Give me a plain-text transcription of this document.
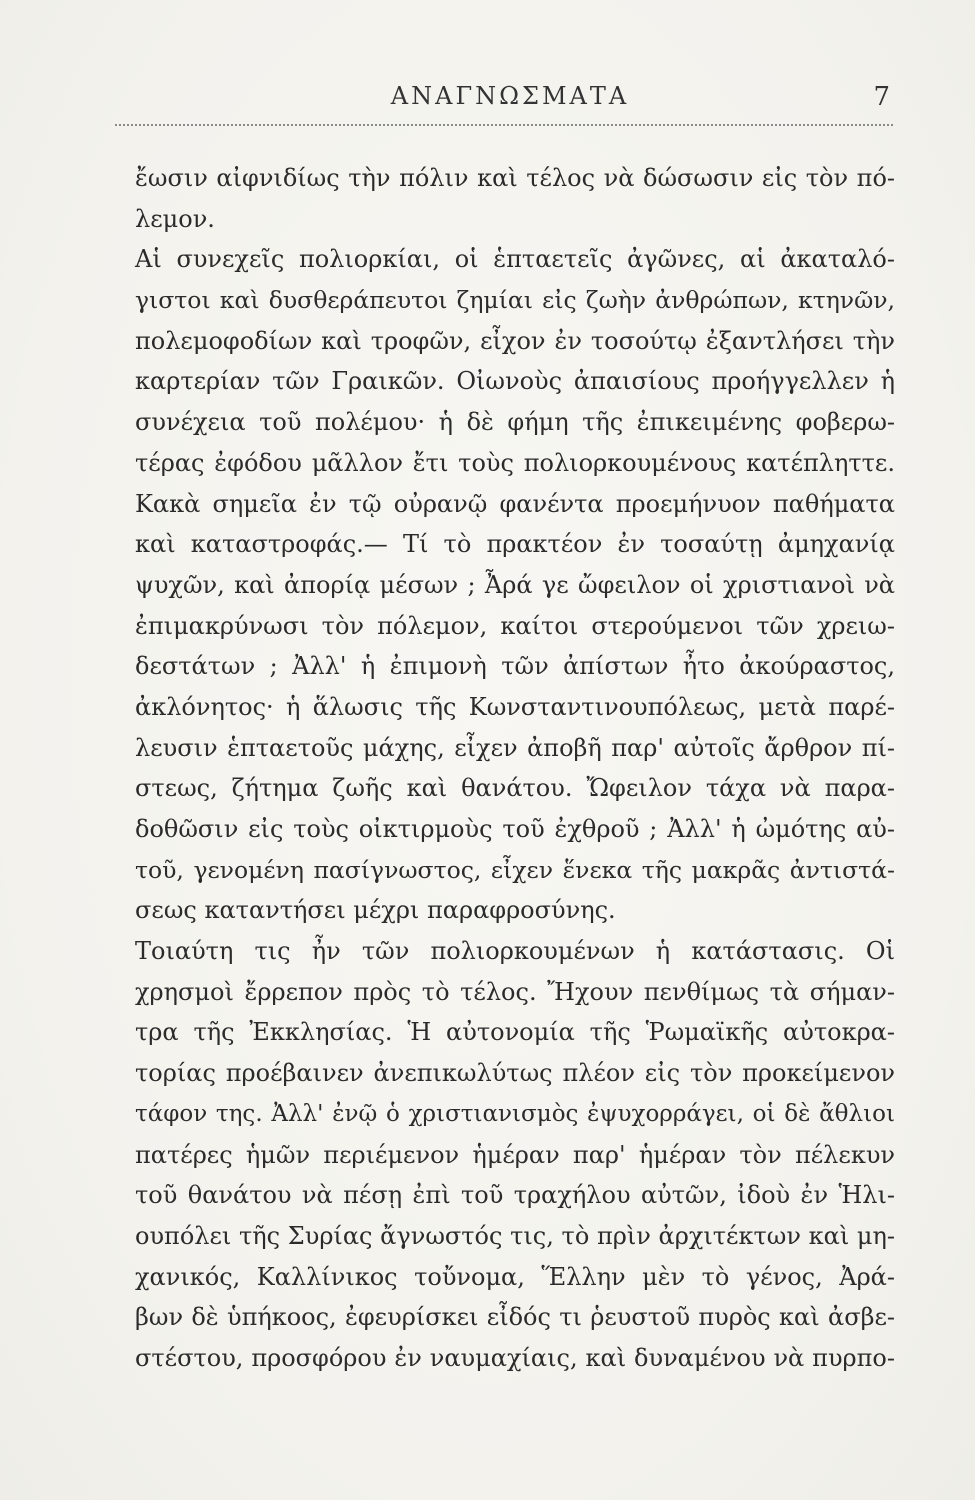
ΑΝΑΓΝΩΣΜΑΤΑ	7
ἔωσιν αἰφνιδίως τὴν πόλιν καὶ τέλος νὰ δώσωσιν εἰς τὸν πό-
λεμον.
Αἱ συνεχεῖς πολιορκίαι, οἱ ἑπταετεῖς ἀγῶνες, αἱ ἀκαταλό-
γιστοι καὶ δυσθεράπευτοι ζημίαι εἰς ζωὴν ἀνθρώπων, κτηνῶν,
πολεμοφοδίων καὶ τροφῶν, εἶχον ἐν τοσούτῳ ἐξαντλήσει τὴν
καρτερίαν τῶν Γραικῶν. Οἰωνοὺς ἀπαισίους προήγγελλεν ἡ
συνέχεια τοῦ πολέμου· ἡ δὲ φήμη τῆς ἐπικειμένης φοβερω-
τέρας ἐφόδου μᾶλλον ἔτι τοὺς πολιορκουμένους κατέπληττε.
Κακὰ σημεῖα ἐν τῷ οὐρανῷ φανέντα προεμήνυον παθήματα
καὶ καταστροφάς.— Τί τὸ πρακτέον ἐν τοσαύτῃ ἀμηχανίᾳ
ψυχῶν, καὶ ἀπορίᾳ μέσων ; Ἆρά γε ὤφειλον οἱ χριστιανοὶ νὰ
ἐπιμακρύνωσι τὸν πόλεμον, καίτοι στερούμενοι τῶν χρειω-
δεστάτων ; Ἀλλ' ἡ ἐπιμονὴ τῶν ἀπίστων ἦτο ἀκούραστος,
ἀκλόνητος· ἡ ἅλωσις τῆς Κωνσταντινουπόλεως, μετὰ παρέ-
λευσιν ἑπταετοῦς μάχης, εἶχεν ἀποβῆ παρ' αὐτοῖς ἄρθρον πί-
στεως, ζήτημα ζωῆς καὶ θανάτου. Ὤφειλον τάχα νὰ παρα-
δοθῶσιν εἰς τοὺς οἰκτιρμοὺς τοῦ ἐχθροῦ ; Ἀλλ' ἡ ὠμότης αὐ-
τοῦ, γενομένη πασίγνωστος, εἶχεν ἕνεκα τῆς μακρᾶς ἀντιστά-
σεως καταντήσει μέχρι παραφροσύνης.
Τοιαύτη τις ἦν τῶν πολιορκουμένων ἡ κατάστασις. Οἱ
χρησμοὶ ἔρρεπον πρὸς τὸ τέλος. Ἤχουν πενθίμως τὰ σήμαν-
τρα τῆς Ἐκκλησίας. Ἡ αὐτονομία τῆς Ῥωμαϊκῆς αὐτοκρα-
τορίας προέβαινεν ἀνεπικωλύτως πλέον εἰς τὸν προκείμενον
τάφον της. Ἀλλ' ἐνῷ ὁ χριστιανισμὸς ἐψυχορράγει, οἱ δὲ ἄθλιοι
πατέρες ἡμῶν περιέμενον ἡμέραν παρ' ἡμέραν τὸν πέλεκυν
τοῦ θανάτου νὰ πέσῃ ἐπὶ τοῦ τραχήλου αὐτῶν, ἰδοὺ ἐν Ἡλι-
ουπόλει τῆς Συρίας ἄγνωστός τις, τὸ πρὶν ἀρχιτέκτων καὶ μη-
χανικός, Καλλίνικος τοὔνομα, Ἕλλην μὲν τὸ γένος, Ἀρά-
βων δὲ ὑπήκοος, ἐφευρίσκει εἶδός τι ῥευστοῦ πυρὸς καὶ ἀσβε-
στέστου, προσφόρου ἐν ναυμαχίαις, καὶ δυναμένου νὰ πυρπο-
